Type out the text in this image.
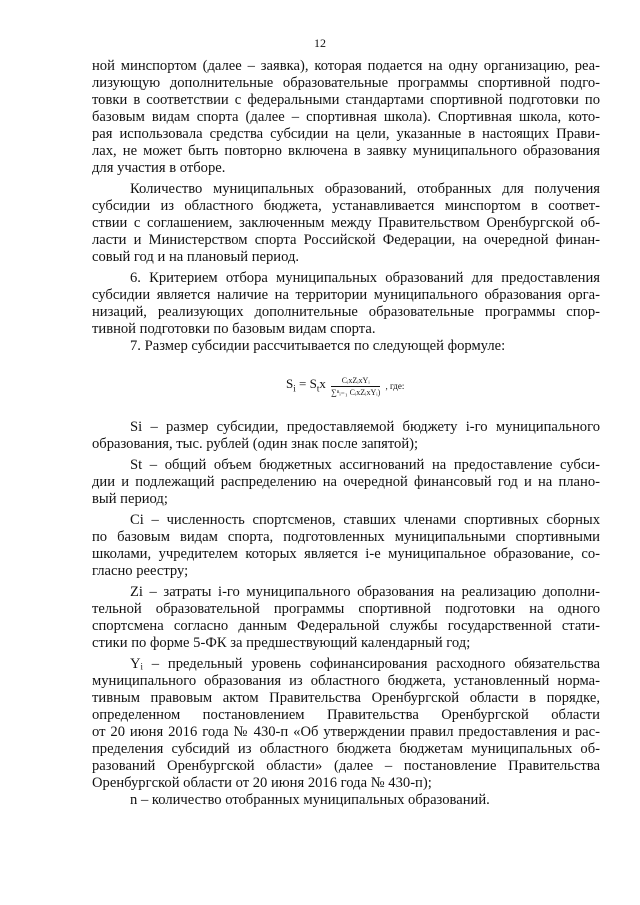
12
ной минспортом (далее – заявка), которая подается на одну организацию, реа-
лизующую дополнительные образовательные программы спортивной подго-
товки в соответствии с федеральными стандартами спортивной подготовки по
базовым видам спорта (далее – спортивная школа). Спортивная школа, кото-
рая использовала средства субсидии на цели, указанные в настоящих Прави-
лах, не может быть повторно включена в заявку муниципального образования
для участия в отборе.
Количество муниципальных образований, отобранных для получения
субсидии из областного бюджета, устанавливается минспортом в соответ-
ствии с соглашением, заключенным между Правительством Оренбургской об-
ласти и Министерством спорта Российской Федерации, на очередной финан-
совый год и на плановый период.
6. Критерием отбора муниципальных образований для предоставления
субсидии является наличие на территории муниципального образования орга-
низаций, реализующих дополнительные образовательные программы спор-
тивной подготовки по базовым видам спорта.
7. Размер субсидии рассчитывается по следующей формуле:
$S_i = S_tx \frac{\text{CᵢxZᵢxYᵢ}}{\text{∑ⁿᵢ₌₁ CᵢxZᵢxYᵢ)}}$ , где:
Si – размер субсидии, предоставляемой бюджету i-го муниципального
образования, тыс. рублей (один знак после запятой);
St – общий объем бюджетных ассигнований на предоставление субси-
дии и подлежащий распределению на очередной финансовый год и на плано-
вый период;
Ci – численность спортсменов, ставших членами спортивных сборных
по базовым видам спорта, подготовленных муниципальными спортивными
школами, учредителем которых является i-е муниципальное образование, со-
гласно реестру;
Zi – затраты i-го муниципального образования на реализацию дополни-
тельной образовательной программы спортивной подготовки на одного
спортсмена согласно данным Федеральной службы государственной стати-
стики по форме 5-ФК за предшествующий календарный год;
Yᵢ – предельный уровень софинансирования расходного обязательства
муниципального образования из областного бюджета, установленный норма-
тивным правовым актом Правительства Оренбургской области в порядке,
определенном постановлением Правительства Оренбургской области
от 20 июня 2016 года № 430-п «Об утверждении правил предоставления и рас-
пределения субсидий из областного бюджета бюджетам муниципальных об-
разований Оренбургской области» (далее – постановление Правительства
Оренбургской области от 20 июня 2016 года № 430-п);
n – количество отобранных муниципальных образований.
